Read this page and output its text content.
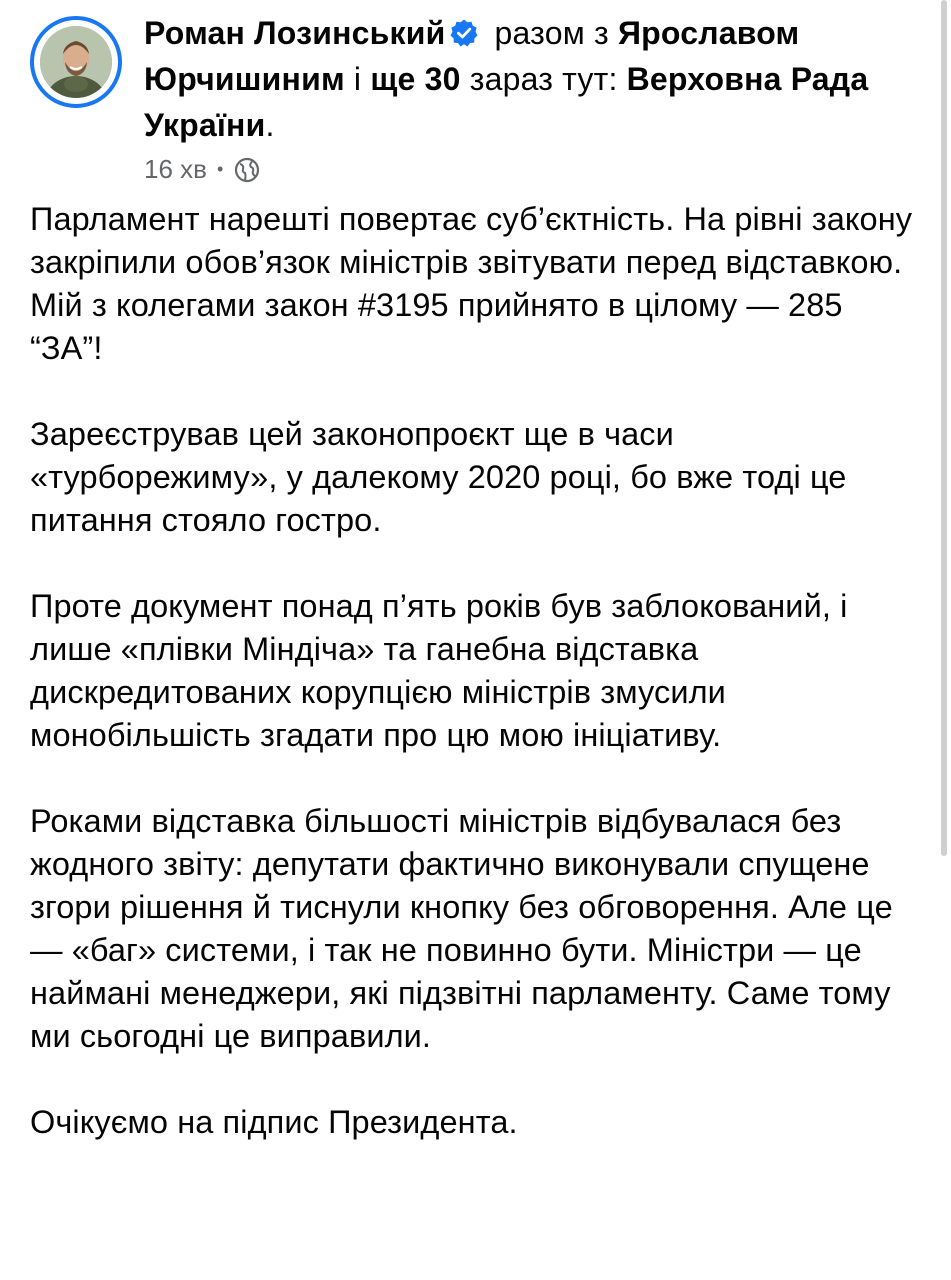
Роман Лозинський разом з Ярославом Юрчишиним і ще 30 зараз тут: Верховна Рада України.
16 хв •

Парламент нарешті повертає суб’єктність. На рівні закону закріпили обов’язок міністрів звітувати перед відставкою.
Мій з колегами закон #3195 прийнято в цілому — 285 “ЗА”!

Зареєстрував цей законопроєкт ще в часи «турборежиму», у далекому 2020 році, бо вже тоді це питання стояло гостро.

Проте документ понад п’ять років був заблокований, і лише «плівки Міндіча» та ганебна відставка дискредитованих корупцією міністрів змусили монобільшість згадати про цю мою ініціативу.

Роками відставка більшості міністрів відбувалася без жодного звіту: депутати фактично виконували спущене згори рішення й тиснули кнопку без обговорення. Але це — «баг» системи, і так не повинно бути. Міністри — це наймані менеджери, які підзвітні парламенту. Саме тому ми сьогодні це виправили.

Очікуємо на підпис Президента.
